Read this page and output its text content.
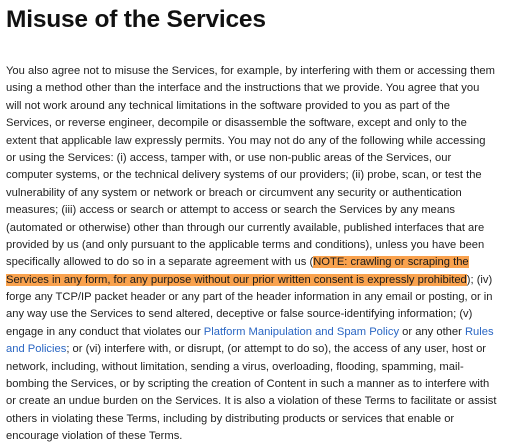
Misuse of the Services
You also agree not to misuse the Services, for example, by interfering with them or accessing them
using a method other than the interface and the instructions that we provide. You agree that you
will not work around any technical limitations in the software provided to you as part of the
Services, or reverse engineer, decompile or disassemble the software, except and only to the
extent that applicable law expressly permits. You may not do any of the following while accessing
or using the Services: (i) access, tamper with, or use non-public areas of the Services, our
computer systems, or the technical delivery systems of our providers; (ii) probe, scan, or test the
vulnerability of any system or network or breach or circumvent any security or authentication
measures; (iii) access or search or attempt to access or search the Services by any means
(automated or otherwise) other than through our currently available, published interfaces that are
provided by us (and only pursuant to the applicable terms and conditions), unless you have been
specifically allowed to do so in a separate agreement with us (NOTE: crawling or scraping the
Services in any form, for any purpose without our prior written consent is expressly prohibited); (iv)
forge any TCP/IP packet header or any part of the header information in any email or posting, or in
any way use the Services to send altered, deceptive or false source-identifying information; (v)
engage in any conduct that violates our Platform Manipulation and Spam Policy or any other Rules
and Policies; or (vi) interfere with, or disrupt, (or attempt to do so), the access of any user, host or
network, including, without limitation, sending a virus, overloading, flooding, spamming, mail-
bombing the Services, or by scripting the creation of Content in such a manner as to interfere with
or create an undue burden on the Services. It is also a violation of these Terms to facilitate or assist
others in violating these Terms, including by distributing products or services that enable or
encourage violation of these Terms.
